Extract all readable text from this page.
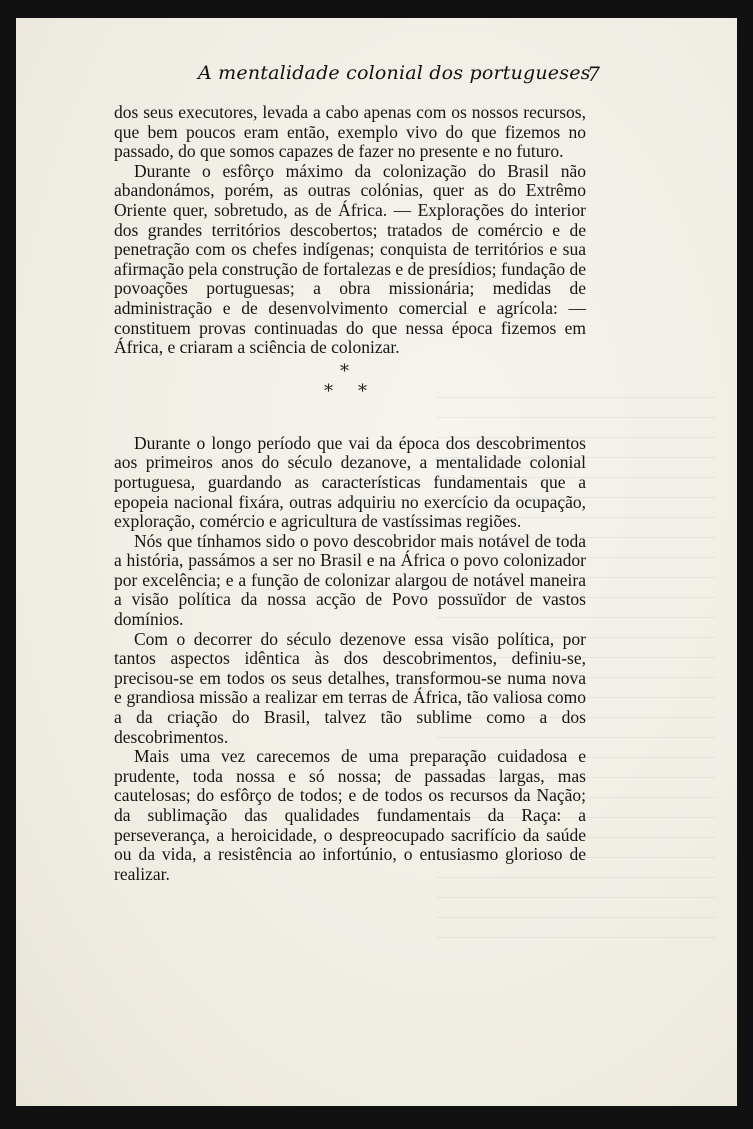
A mentalidade colonial dos portugueses
7

dos seus executores, levada a cabo apenas com os nossos recursos, que bem poucos eram então, exemplo vivo do que fizemos no passado, do que somos capazes de fazer no presente e no futuro.

Durante o esfôrço máximo da colonização do Brasil não abandonámos, porém, as outras colónias, quer as do Extrêmo Oriente quer, sobretudo, as de África. — Explorações do interior dos grandes territórios descobertos; tratados de comércio e de penetração com os chefes indígenas; conquista de territórios e sua afirmação pela construção de fortalezas e de presídios; fundação de povoações portuguesas; a obra missionária; medidas de administração e de desenvolvimento comercial e agrícola: — constituem provas continuadas do que nessa época fizemos em África, e criaram a sciência de colonizar.

*
* *

Durante o longo período que vai da época dos descobrimentos aos primeiros anos do século dezanove, a mentalidade colonial portuguesa, guardando as características fundamentais que a epopeia nacional fixára, outras adquiriu no exercício da ocupação, exploração, comércio e agricultura de vastíssimas regiões.

Nós que tínhamos sido o povo descobridor mais notável de toda a história, passámos a ser no Brasil e na África o povo colonizador por excelência; e a função de colonizar alargou de notável maneira a visão política da nossa acção de Povo possuïdor de vastos domínios.

Com o decorrer do século dezenove essa visão política, por tantos aspectos idêntica às dos descobrimentos, definiu-se, precisou-se em todos os seus detalhes, transformou-se numa nova e grandiosa missão a realizar em terras de África, tão valiosa como a da criação do Brasil, talvez tão sublime como a dos descobrimentos.

Mais uma vez carecemos de uma preparação cuidadosa e prudente, toda nossa e só nossa; de passadas largas, mas cautelosas; do esfôrço de todos; e de todos os recursos da Nação; da sublimação das qualidades fundamentais da Raça: a perseverança, a heroicidade, o despreocupado sacrifício da saúde ou da vida, a resistência ao infortúnio, o entusiasmo glorioso de realizar.
